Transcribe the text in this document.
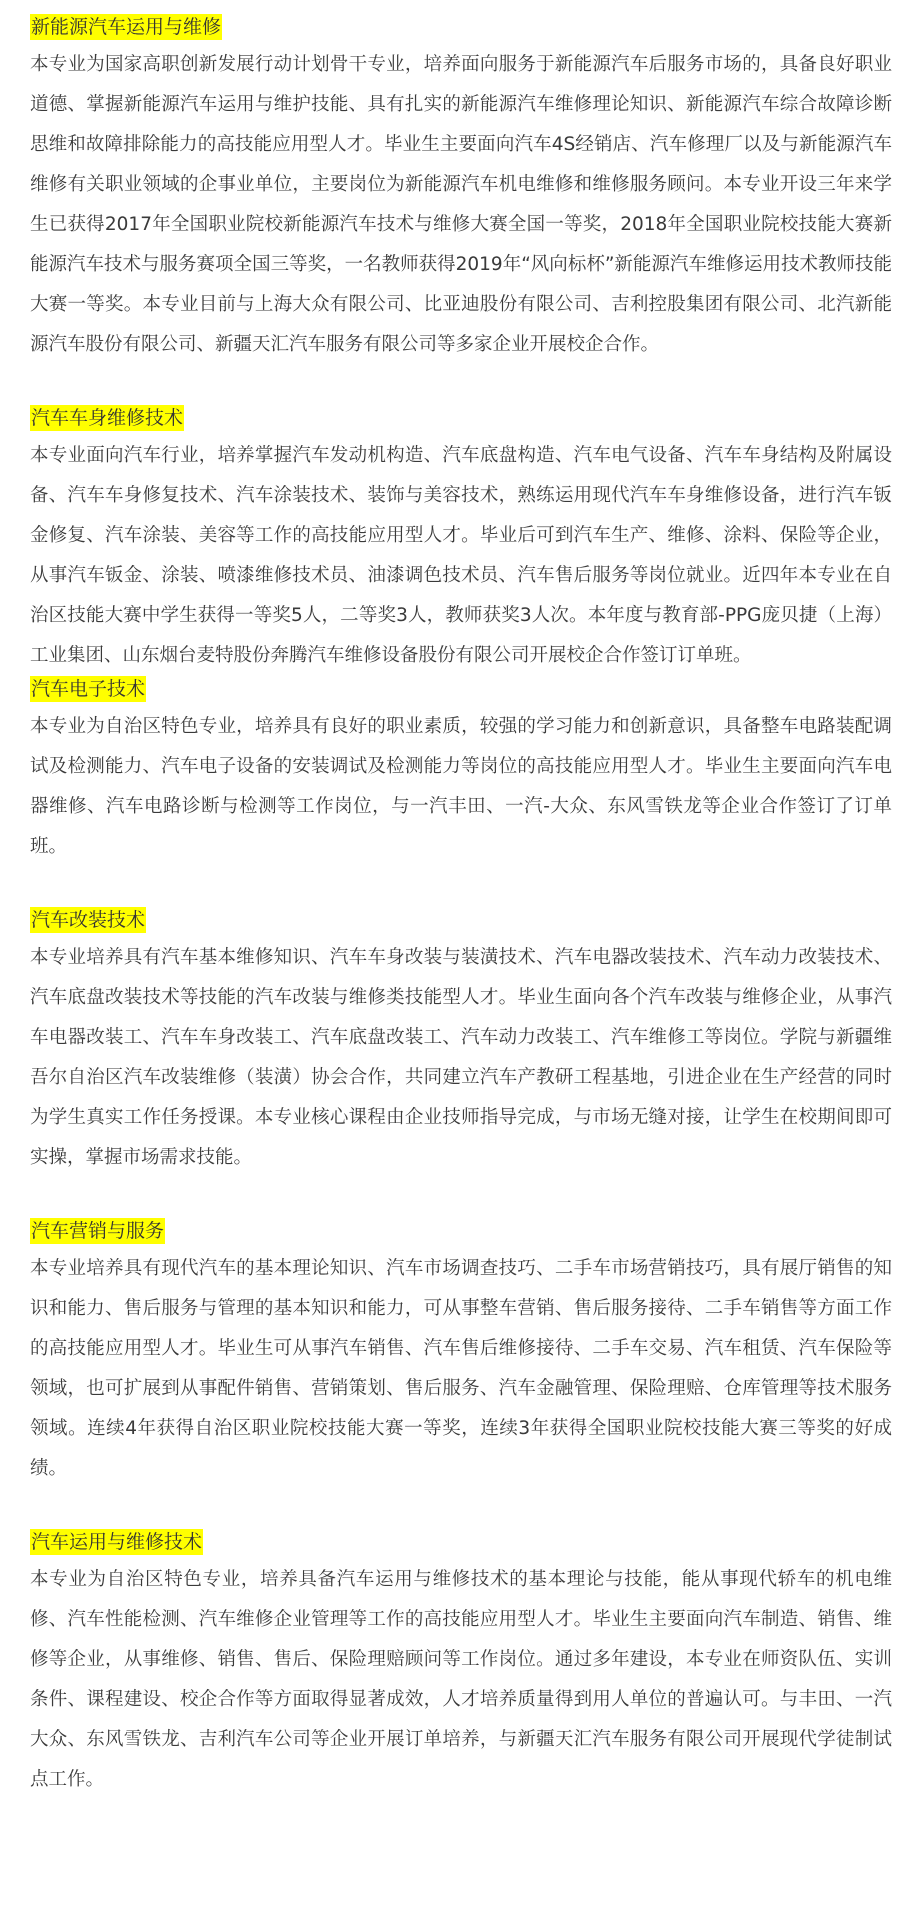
新能源汽车运用与维修

本专业为国家高职创新发展行动计划骨干专业，培养面向服务于新能源汽车后服务市场的，具备良好职业道德、掌握新能源汽车运用与维护技能、具有扎实的新能源汽车维修理论知识、新能源汽车综合故障诊断思维和故障排除能力的高技能应用型人才。毕业生主要面向汽车4S经销店、汽车修理厂以及与新能源汽车维修有关职业领域的企事业单位，主要岗位为新能源汽车机电维修和维修服务顾问。本专业开设三年来学生已获得2017年全国职业院校新能源汽车技术与维修大赛全国一等奖，2018年全国职业院校技能大赛新能源汽车技术与服务赛项全国三等奖，一名教师获得2019年“风向标杯”新能源汽车维修运用技术教师技能大赛一等奖。本专业目前与上海大众有限公司、比亚迪股份有限公司、吉利控股集团有限公司、北汽新能源汽车股份有限公司、新疆天汇汽车服务有限公司等多家企业开展校企合作。

汽车车身维修技术

本专业面向汽车行业，培养掌握汽车发动机构造、汽车底盘构造、汽车电气设备、汽车车身结构及附属设备、汽车车身修复技术、汽车涂装技术、装饰与美容技术，熟练运用现代汽车车身维修设备，进行汽车钣金修复、汽车涂装、美容等工作的高技能应用型人才。毕业后可到汽车生产、维修、涂料、保险等企业，从事汽车钣金、涂装、喷漆维修技术员、油漆调色技术员、汽车售后服务等岗位就业。近四年本专业在自治区技能大赛中学生获得一等奖5人，二等奖3人，教师获奖3人次。本年度与教育部-PPG庞贝捷（上海）工业集团、山东烟台麦特股份奔腾汽车维修设备股份有限公司开展校企合作签订订单班。

汽车电子技术

本专业为自治区特色专业，培养具有良好的职业素质，较强的学习能力和创新意识，具备整车电路装配调试及检测能力、汽车电子设备的安装调试及检测能力等岗位的高技能应用型人才。毕业生主要面向汽车电器维修、汽车电路诊断与检测等工作岗位，与一汽丰田、一汽-大众、东风雪铁龙等企业合作签订了订单班。

汽车改装技术

本专业培养具有汽车基本维修知识、汽车车身改装与装潢技术、汽车电器改装技术、汽车动力改装技术、汽车底盘改装技术等技能的汽车改装与维修类技能型人才。毕业生面向各个汽车改装与维修企业，从事汽车电器改装工、汽车车身改装工、汽车底盘改装工、汽车动力改装工、汽车维修工等岗位。学院与新疆维吾尔自治区汽车改装维修（装潢）协会合作，共同建立汽车产教研工程基地，引进企业在生产经营的同时为学生真实工作任务授课。本专业核心课程由企业技师指导完成，与市场无缝对接，让学生在校期间即可实操，掌握市场需求技能。

汽车营销与服务

本专业培养具有现代汽车的基本理论知识、汽车市场调查技巧、二手车市场营销技巧，具有展厅销售的知识和能力、售后服务与管理的基本知识和能力，可从事整车营销、售后服务接待、二手车销售等方面工作的高技能应用型人才。毕业生可从事汽车销售、汽车售后维修接待、二手车交易、汽车租赁、汽车保险等领域，也可扩展到从事配件销售、营销策划、售后服务、汽车金融管理、保险理赔、仓库管理等技术服务领域。连续4年获得自治区职业院校技能大赛一等奖，连续3年获得全国职业院校技能大赛三等奖的好成绩。

汽车运用与维修技术

本专业为自治区特色专业，培养具备汽车运用与维修技术的基本理论与技能，能从事现代轿车的机电维修、汽车性能检测、汽车维修企业管理等工作的高技能应用型人才。毕业生主要面向汽车制造、销售、维修等企业，从事维修、销售、售后、保险理赔顾问等工作岗位。通过多年建设，本专业在师资队伍、实训条件、课程建设、校企合作等方面取得显著成效，人才培养质量得到用人单位的普遍认可。与丰田、一汽大众、东风雪铁龙、吉利汽车公司等企业开展订单培养，与新疆天汇汽车服务有限公司开展现代学徒制试点工作。
